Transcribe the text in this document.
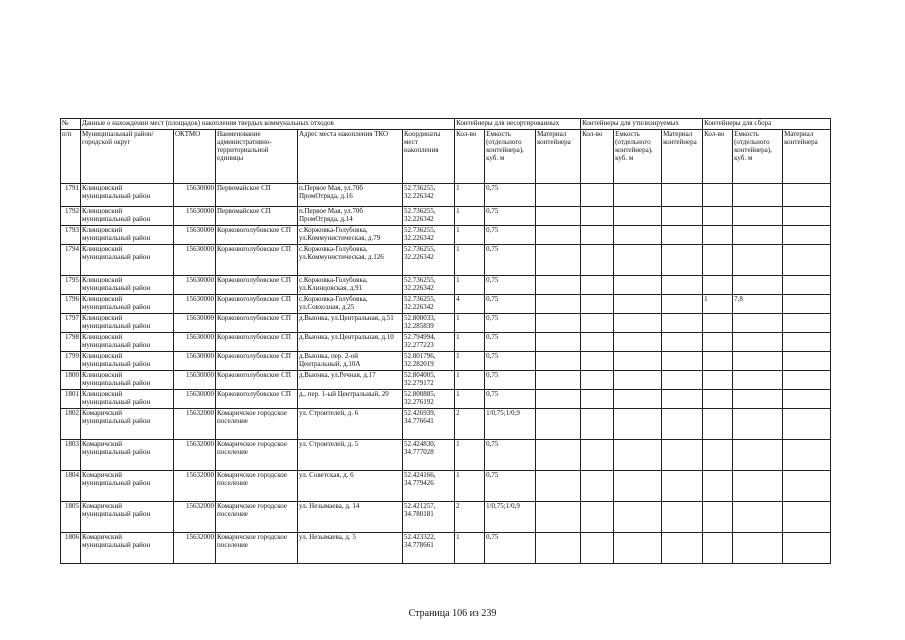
№	Данные о нахождении мест (площадок) накопления твердых коммунальных отходов					Контейнеры для несортированных			Контейнеры для утилизируемых			Контейнеры для сбора		
п/п	Муниципальный район/городской округ	ОКТМО	Наименование административно-территориальной единицы	Адрес места накопления ТКО	Координаты мест накопления	Кол-во	Емкость (отдельного контейнера), куб. м	Материал контейнера	Кол-во	Емкость (отдельного контейнера), куб. м	Материал контейнера	Кол-во	Емкость (отдельного контейнера), куб. м	Материал контейнера
1791	Клинцовский муниципальный район	15630000	Первомайское СП	п.Первое Мая, ул.70б ПромОтряда, д.16	52.736255, 32.226342	1	0,75							
1792	Клинцовский муниципальный район	15630000	Первомайское СП	п.Первое Мая, ул.70б ПромОтряда, д.14	52.736255, 32.226342	1	0,75							
1793	Клинцовский муниципальный район	15630000	Коржовоголубовское СП	с.Коржовка-Голубовка, ул.Коммунистическая, д.79	52.736255, 32.226342	1	0,75							
1794	Клинцовский муниципальный район	15630000	Коржовоголубовское СП	с.Коржовка-Голубовка, ул.Коммунистическая, д.126	52.736255, 32.226342	1	0,75							
1795	Клинцовский муниципальный район	15630000	Коржовоголубовское СП	с.Коржовка-Голубовка, ул.Клинцовская, д.91	52.736255, 32.226342	1	0,75							
1796	Клинцовский муниципальный район	15630000	Коржовоголубовское СП	с.Коржовка-Голубовка, ул.Совхозная, д.25	52.736255, 32.226342	4	0,75					1	7,8	
1797	Клинцовский муниципальный район	15630000	Коржовоголубовское СП	д.Вьюнка, ул.Центральная, д.51	52.800033, 32.285839	1	0,75							
1798	Клинцовский муниципальный район	15630000	Коржовоголубовское СП	д.Вьюнка, ул.Центральная, д.10	52.794994, 32.277223	1	0,75							
1799	Клинцовский муниципальный район	15630000	Коржовоголубовское СП	д.Вьюнка, пер. 2-ой Центральный, д.10А	52.801796, 32.282019	1	0,75							
1800	Клинцовский муниципальный район	15630000	Коржовоголубовское СП	д.Вьюнка, ул.Речная, д.17	52.804005, 32.279172	1	0,75							
1801	Клинцовский муниципальный район	15630000	Коржовоголубовское СП	д., пер. 1-ый Центральный, 20	52.800885, 32.276192	1	0,75							
1802	Комаричский муниципальный район	15632000	Комаричское городское поселение	ул. Строителей, д. 6	52.426939, 34.776641	2	1/0,75;1/0,9							
1803	Комаричский муниципальный район	15632000	Комаричское городское поселение	ул. Строителей, д. 5	52.424830, 34.777028	1	0,75							
1804	Комаричский муниципальный район	15632000	Комаричское городское поселение	ул. Советская, д. 6	52.424166, 34.779426	1	0,75							
1805	Комаричский муниципальный район	15632000	Комаричское городское поселение	ул. Незымаева, д. 14	52.421257, 34.780181	2	1/0,75;1/0,9							
1806	Комаричский муниципальный район	15632000	Комаричское городское поселение	ул. Незымаева, д. 5	52.423322, 34.778661	1	0,75							
Страница 106 из 239
